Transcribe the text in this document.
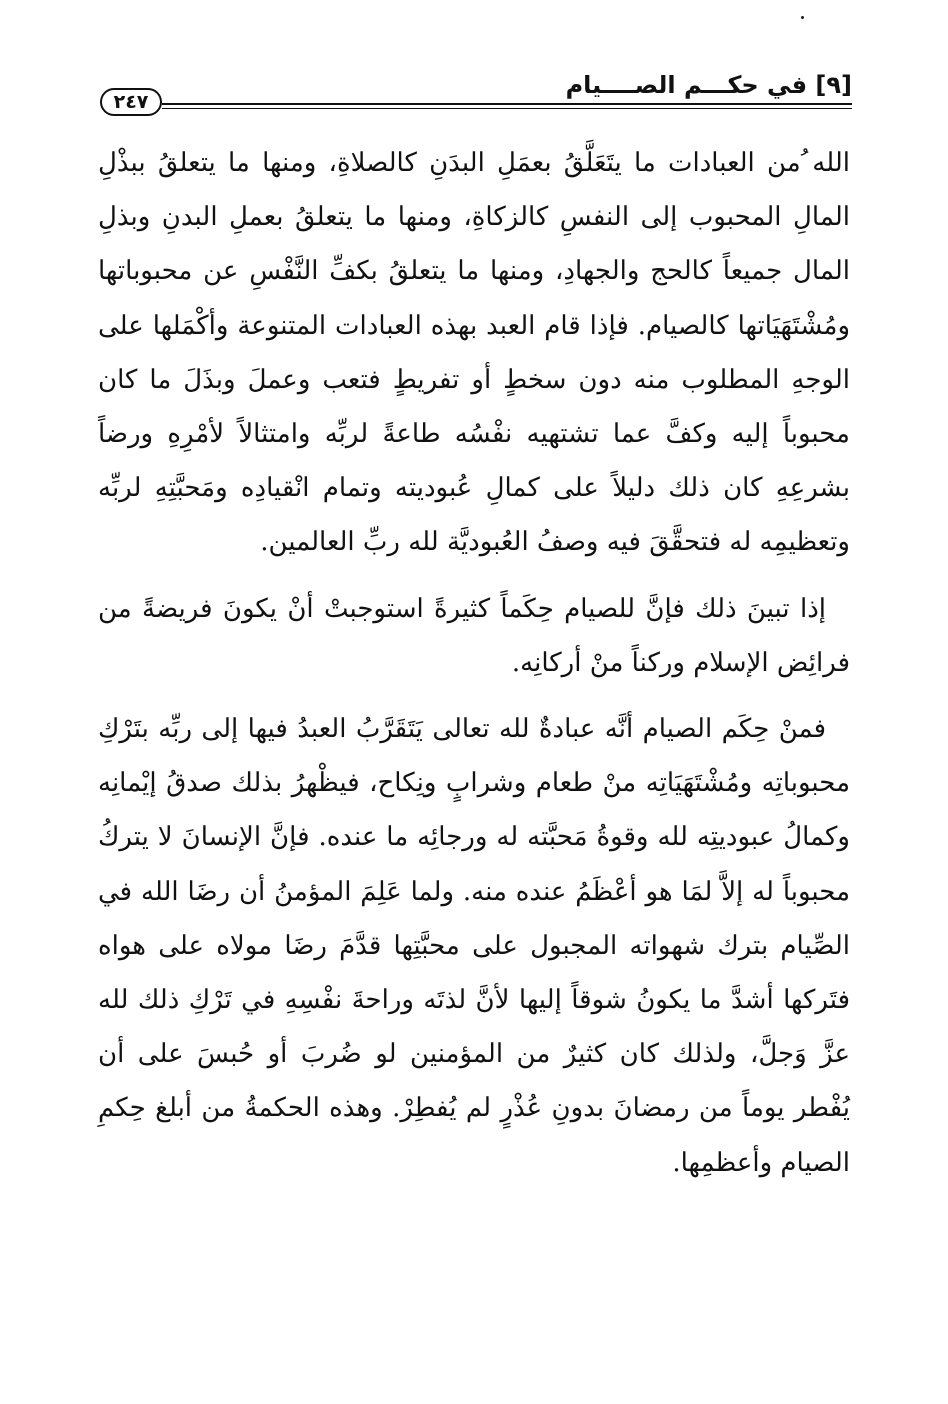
[٩] في حكـــم الصــــيام
٢٤٧

الله ُمن العبادات ما يتَعَلَّقُ بعمَلِ البدَنِ كالصلاةِ، ومنها ما يتعلقُ ببذْلِ المالِ المحبوب إلى النفسِ كالزكاةِ، ومنها ما يتعلقُ بعملِ البدنِ وبذلِ المال جميعاً كالحج والجهادِ، ومنها ما يتعلقُ بكفِّ النَّفْسِ عن محبوباتها ومُشْتَهَيَاتها كالصيام. فإذا قام العبد بهذه العبادات المتنوعة وأكْمَلها على الوجهِ المطلوب منه دون سخطٍ أو تفريطٍ فتعب وعملَ وبذَلَ ما كان محبوباً إليه وكفَّ عما تشتهيه نفْسُه طاعةً لربِّه وامتثالاً لأمْرِهِ ورضاً بشرعِهِ كان ذلك دليلاً على كمالِ عُبوديته وتمام انْقيادِه ومَحبَّتِهِ لربِّه وتعظيمِه له فتحقَّقَ فيه وصفُ العُبوديَّة لله ربِّ العالمين.

إذا تبينَ ذلك فإنَّ للصيام حِكَماً كثيرةً استوجبتْ أنْ يكونَ فريضةً من فرائِض الإسلام وركناً منْ أركانِه.

فمنْ حِكَم الصيام أنَّه عبادةٌ لله تعالى يَتَقَرَّبُ العبدُ فيها إلى ربِّه بتَرْكِ محبوباتِه ومُشْتَهَيَاتِه منْ طعام وشرابٍ ونِكاح، فيظْهرُ بذلك صدقُ إيْمانِه وكمالُ عبوديتِه لله وقوةُ مَحبَّته له ورجائِه ما عنده. فإنَّ الإنسانَ لا يتركُ محبوباً له إلاَّ لمَا هو أعْظَمُ عنده منه. ولما عَلِمَ المؤمنُ أن رضَا الله في الصِّيام بترك شهواته المجبول على محبَّتِها قدَّمَ رضَا مولاه على هواه فتَركها أشدَّ ما يكونُ شوقاً إليها لأنَّ لذتَه وراحةَ نفْسِهِ في تَرْكِ ذلك لله عزَّ وَجلَّ، ولذلك كان كثيرٌ من المؤمنين لو ضُربَ أو حُبسَ على أن يُفْطر يوماً من رمضانَ بدونِ عُذْرٍ لم يُفطِرْ. وهذه الحكمةُ من أبلغ حِكمِ الصيام وأعظمِها.
